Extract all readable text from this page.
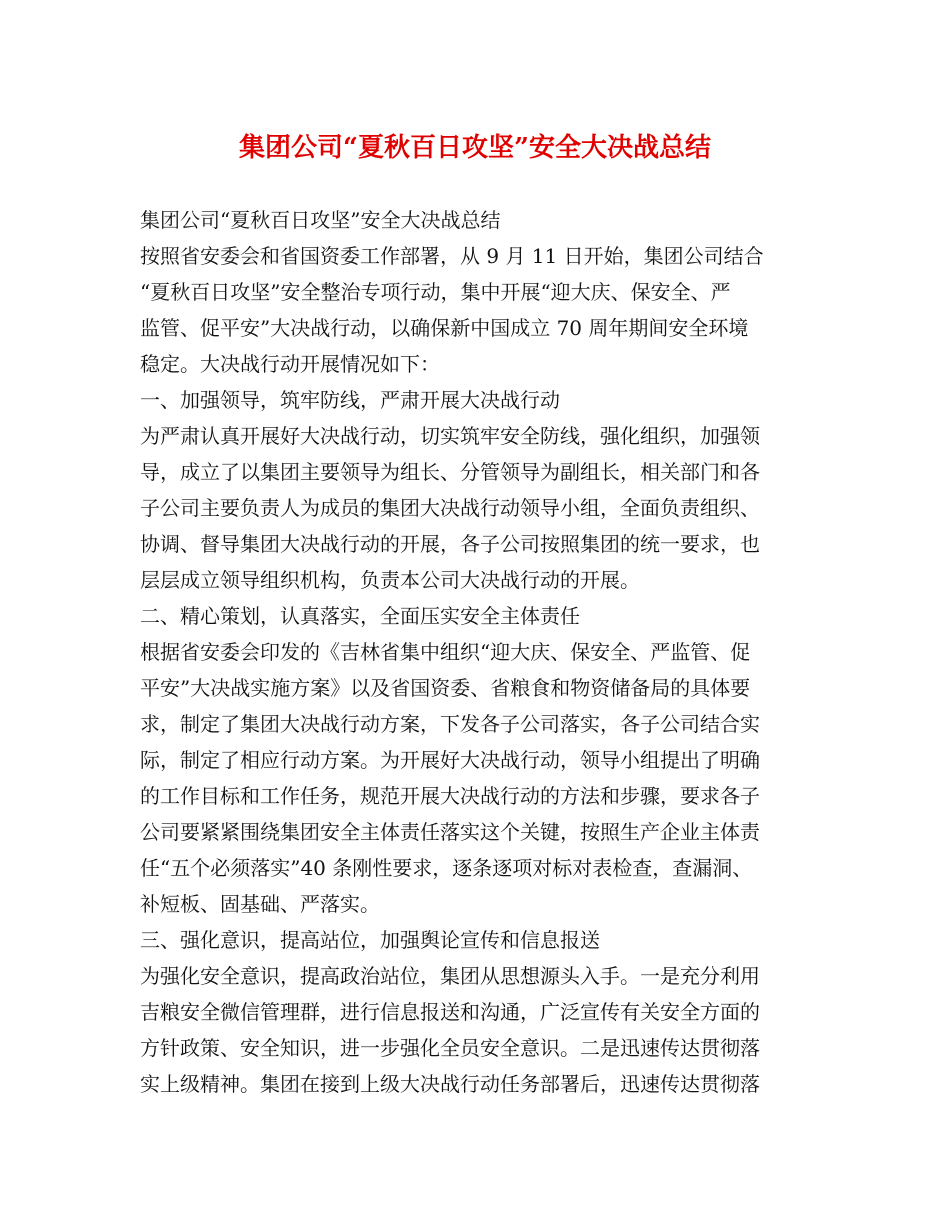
集团公司“夏秋百日攻坚”安全大决战总结

集团公司“夏秋百日攻坚”安全大决战总结

按照省安委会和省国资委工作部署，从 9 月 11 日开始，集团公司结合

“夏秋百日攻坚”安全整治专项行动，集中开展“迎大庆、保安全、严

监管、促平安”大决战行动，以确保新中国成立 70 周年期间安全环境

稳定。大决战行动开展情况如下：

一、加强领导，筑牢防线，严肃开展大决战行动

为严肃认真开展好大决战行动，切实筑牢安全防线，强化组织，加强领

导，成立了以集团主要领导为组长、分管领导为副组长，相关部门和各

子公司主要负责人为成员的集团大决战行动领导小组，全面负责组织、

协调、督导集团大决战行动的开展，各子公司按照集团的统一要求，也

层层成立领导组织机构，负责本公司大决战行动的开展。

二、精心策划，认真落实，全面压实安全主体责任

根据省安委会印发的《吉林省集中组织“迎大庆、保安全、严监管、促

平安”大决战实施方案》以及省国资委、省粮食和物资储备局的具体要

求，制定了集团大决战行动方案，下发各子公司落实，各子公司结合实

际，制定了相应行动方案。为开展好大决战行动，领导小组提出了明确

的工作目标和工作任务，规范开展大决战行动的方法和步骤，要求各子

公司要紧紧围绕集团安全主体责任落实这个关键，按照生产企业主体责

任“五个必须落实”40 条刚性要求，逐条逐项对标对表检查，查漏洞、

补短板、固基础、严落实。

三、强化意识，提高站位，加强舆论宣传和信息报送

为强化安全意识，提高政治站位，集团从思想源头入手。一是充分利用

吉粮安全微信管理群，进行信息报送和沟通，广泛宣传有关安全方面的

方针政策、安全知识，进一步强化全员安全意识。二是迅速传达贯彻落

实上级精神。集团在接到上级大决战行动任务部署后，迅速传达贯彻落
